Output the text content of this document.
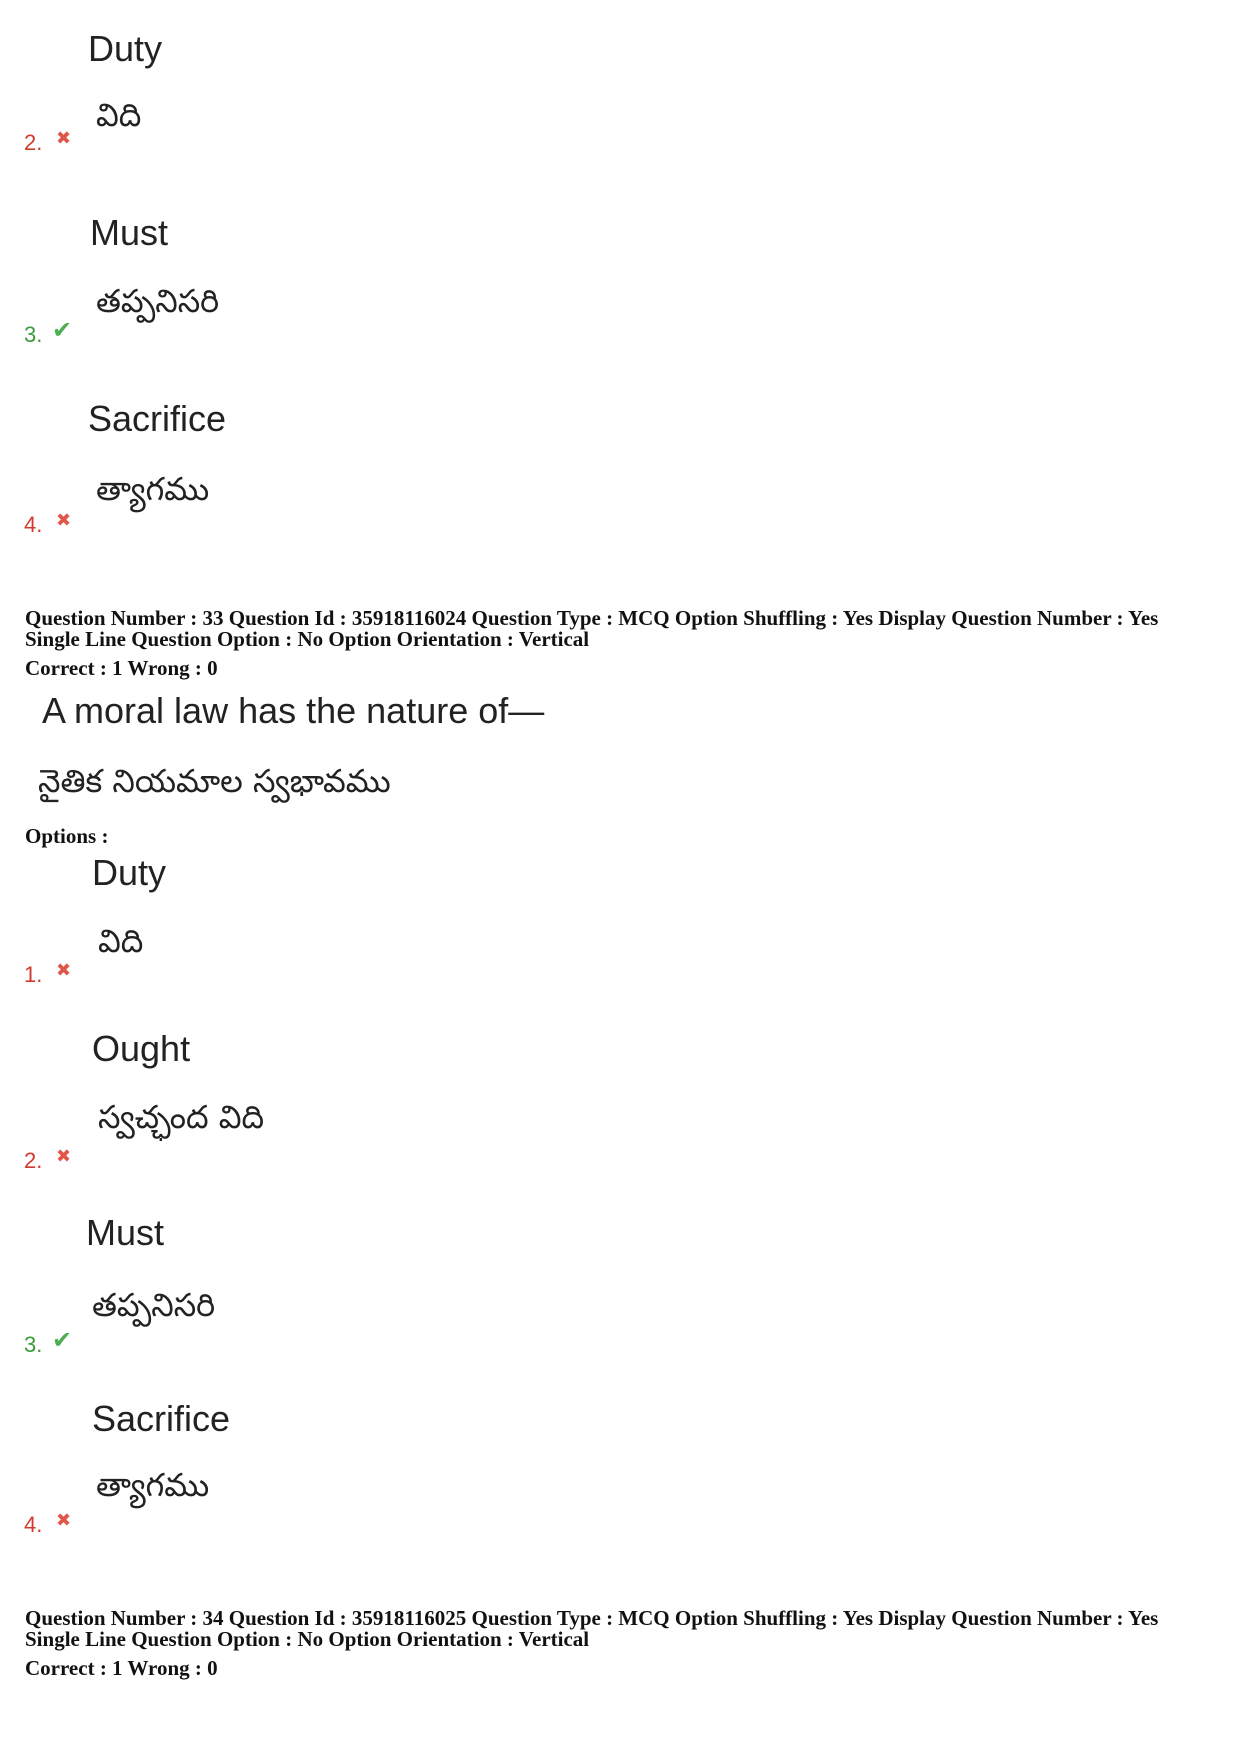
Duty
విది
2. ✖
Must
తప్పనిసరి
3. ✔
Sacrifice
త్యాగము
4. ✖
Question Number : 33 Question Id : 35918116024 Question Type : MCQ Option Shuffling : Yes Display Question Number : Yes
Single Line Question Option : No Option Orientation : Vertical
Correct : 1 Wrong : 0
A moral law has the nature of—
నైతిక నియమాల స్వభావము
Options :
Duty
విది
1. ✖
Ought
స్వచ్ఛంద విది
2. ✖
Must
తప్పనిసరి
3. ✔
Sacrifice
త్యాగము
4. ✖
Question Number : 34 Question Id : 35918116025 Question Type : MCQ Option Shuffling : Yes Display Question Number : Yes
Single Line Question Option : No Option Orientation : Vertical
Correct : 1 Wrong : 0
